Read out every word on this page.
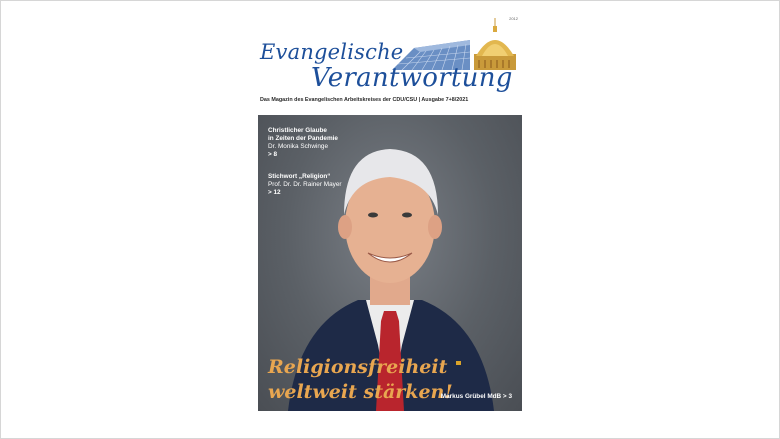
2012
Evangelische
Verantwortung
Das Magazin des Evangelischen Arbeitskreises der CDU/CSU | Ausgabe 7+8/2021
Christlicher Glaube
in Zeiten der Pandemie
Dr. Monika Schwinge
> 8
Stichwort „Religion“
Prof. Dr. Dr. Rainer Mayer
> 12
Religionsfreiheit
weltweit stärken!
Markus Grübel MdB > 3
